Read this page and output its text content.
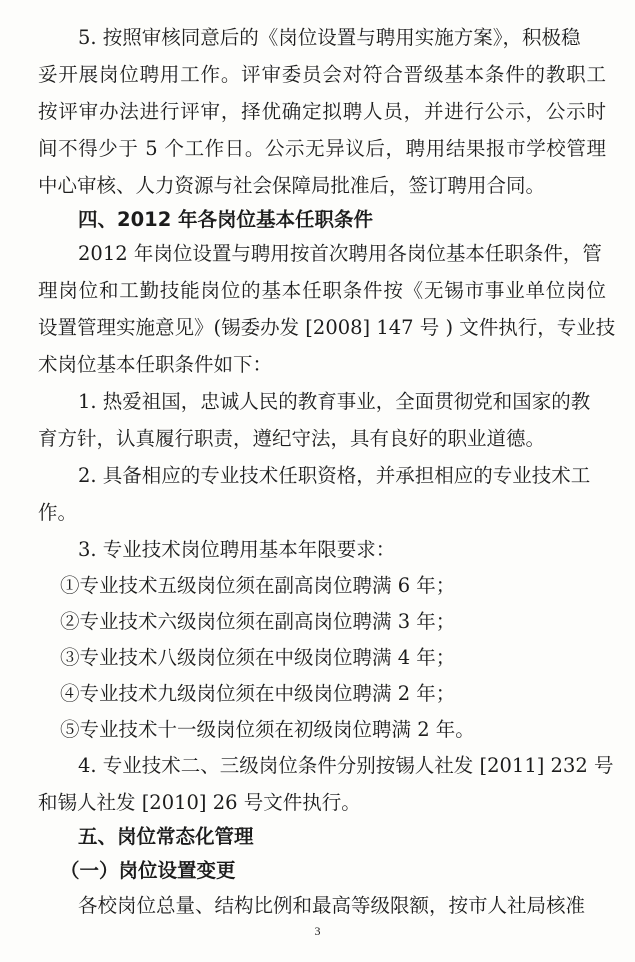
5. 按照审核同意后的《岗位设置与聘用实施方案》，积极稳
妥开展岗位聘用工作。评审委员会对符合晋级基本条件的教职工
按评审办法进行评审，择优确定拟聘人员，并进行公示，公示时
间不得少于 5 个工作日。公示无异议后，聘用结果报市学校管理
中心审核、人力资源与社会保障局批准后，签订聘用合同。
四、2012 年各岗位基本任职条件
2012 年岗位设置与聘用按首次聘用各岗位基本任职条件，管
理岗位和工勤技能岗位的基本任职条件按《无锡市事业单位岗位
设置管理实施意见》(锡委办发 [2008] 147 号 ) 文件执行，专业技
术岗位基本任职条件如下：
1. 热爱祖国，忠诚人民的教育事业，全面贯彻党和国家的教
育方针，认真履行职责，遵纪守法，具有良好的职业道德。
2. 具备相应的专业技术任职资格，并承担相应的专业技术工
作。
3. 专业技术岗位聘用基本年限要求：
①专业技术五级岗位须在副高岗位聘满 6 年；
②专业技术六级岗位须在副高岗位聘满 3 年；
③专业技术八级岗位须在中级岗位聘满 4 年；
④专业技术九级岗位须在中级岗位聘满 2 年；
⑤专业技术十一级岗位须在初级岗位聘满 2 年。
4. 专业技术二、三级岗位条件分别按锡人社发 [2011] 232 号
和锡人社发 [2010] 26 号文件执行。
五、岗位常态化管理
（一）岗位设置变更
各校岗位总量、结构比例和最高等级限额，按市人社局核准
3
